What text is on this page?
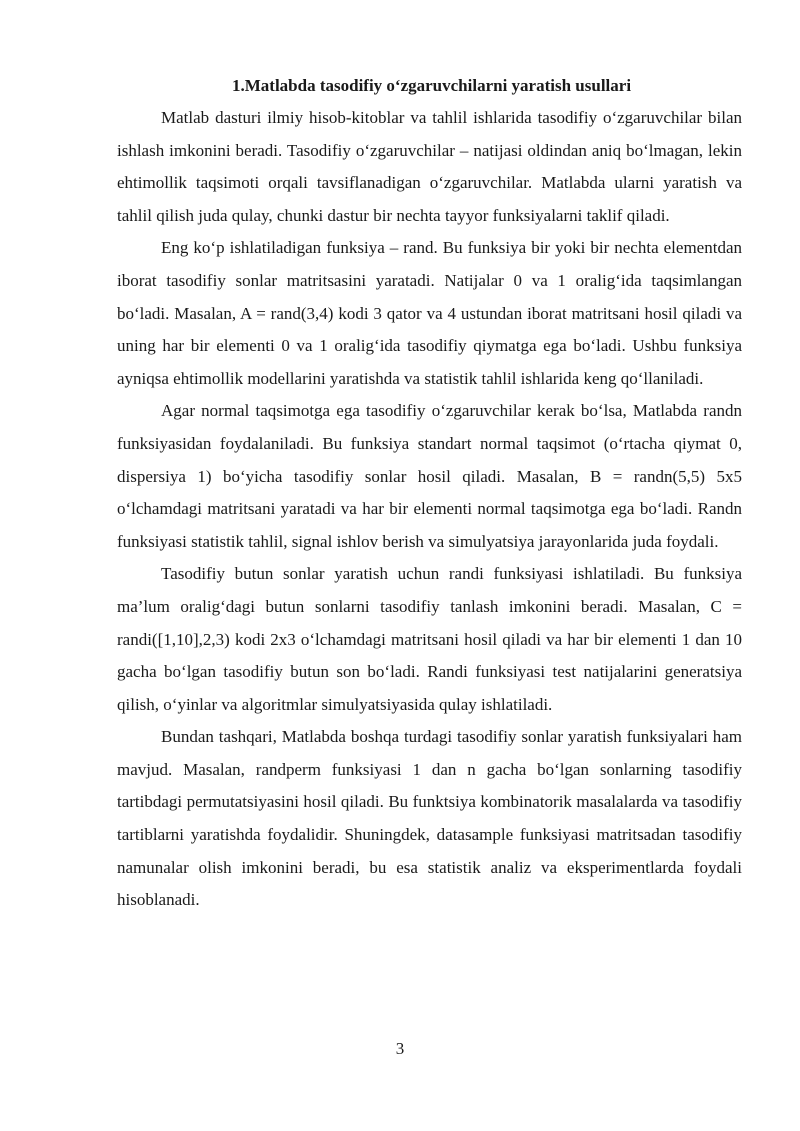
1.Matlabda tasodifiy o‘zgaruvchilarni yaratish usullari

Matlab dasturi ilmiy hisob-kitoblar va tahlil ishlarida tasodifiy o‘zgaruvchilar bilan ishlash imkonini beradi. Tasodifiy o‘zgaruvchilar – natijasi oldindan aniq bo‘lmagan, lekin ehtimollik taqsimoti orqali tavsiflanadigan o‘zgaruvchilar. Matlabda ularni yaratish va tahlil qilish juda qulay, chunki dastur bir nechta tayyor funksiyalarni taklif qiladi.

Eng ko‘p ishlatiladigan funksiya – rand. Bu funksiya bir yoki bir nechta elementdan iborat tasodifiy sonlar matritsasini yaratadi. Natijalar 0 va 1 oralig‘ida taqsimlangan bo‘ladi. Masalan, A = rand(3,4) kodi 3 qator va 4 ustundan iborat matritsani hosil qiladi va uning har bir elementi 0 va 1 oralig‘ida tasodifiy qiymatga ega bo‘ladi. Ushbu funksiya ayniqsa ehtimollik modellarini yaratishda va statistik tahlil ishlarida keng qo‘llaniladi.

Agar normal taqsimotga ega tasodifiy o‘zgaruvchilar kerak bo‘lsa, Matlabda randn funksiyasidan foydalaniladi. Bu funksiya standart normal taqsimot (o‘rtacha qiymat 0, dispersiya 1) bo‘yicha tasodifiy sonlar hosil qiladi. Masalan, B = randn(5,5) 5x5 o‘lchamdagi matritsani yaratadi va har bir elementi normal taqsimotga ega bo‘ladi. Randn funksiyasi statistik tahlil, signal ishlov berish va simulyatsiya jarayonlarida juda foydali.

Tasodifiy butun sonlar yaratish uchun randi funksiyasi ishlatiladi. Bu funksiya ma’lum oralig‘dagi butun sonlarni tasodifiy tanlash imkonini beradi. Masalan, C = randi([1,10],2,3) kodi 2x3 o‘lchamdagi matritsani hosil qiladi va har bir elementi 1 dan 10 gacha bo‘lgan tasodifiy butun son bo‘ladi. Randi funksiyasi test natijalarini generatsiya qilish, o‘yinlar va algoritmlar simulyatsiyasida qulay ishlatiladi.

Bundan tashqari, Matlabda boshqa turdagi tasodifiy sonlar yaratish funksiyalari ham mavjud. Masalan, randperm funksiyasi 1 dan n gacha bo‘lgan sonlarning tasodifiy tartibdagi permutatsiyasini hosil qiladi. Bu funktsiya kombinatorik masalalarda va tasodifiy tartiblarni yaratishda foydalidir. Shuningdek, datasample funksiyasi matritsadan tasodifiy namunalar olish imkonini beradi, bu esa statistik analiz va eksperimentlarda foydali hisoblanadi.

3
